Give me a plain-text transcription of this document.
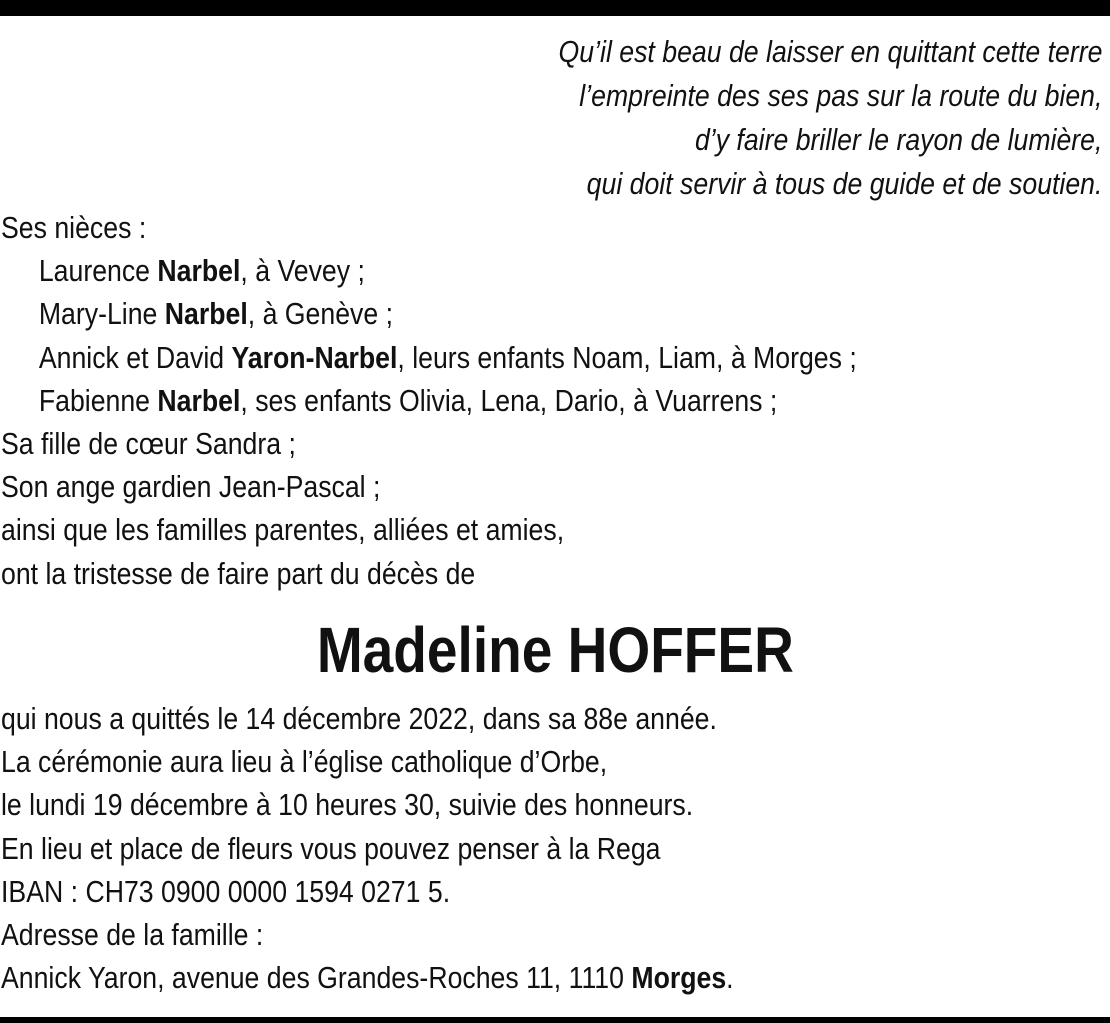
Qu’il est beau de laisser en quittant cette terre
l’empreinte des ses pas sur la route du bien,
d’y faire briller le rayon de lumière,
qui doit servir à tous de guide et de soutien.
Ses nièces :
Laurence Narbel, à Vevey ;
Mary-Line Narbel, à Genève ;
Annick et David Yaron-Narbel, leurs enfants Noam, Liam, à Morges ;
Fabienne Narbel, ses enfants Olivia, Lena, Dario, à Vuarrens ;
Sa fille de cœur Sandra ;
Son ange gardien Jean-Pascal ;
ainsi que les familles parentes, alliées et amies,
ont la tristesse de faire part du décès de
Madeline HOFFER
qui nous a quittés le 14 décembre 2022, dans sa 88e année.
La cérémonie aura lieu à l’église catholique d’Orbe,
le lundi 19 décembre à 10 heures 30, suivie des honneurs.
En lieu et place de fleurs vous pouvez penser à la Rega
IBAN : CH73 0900 0000 1594 0271 5.
Adresse de la famille :
Annick Yaron, avenue des Grandes-Roches 11, 1110 Morges.
